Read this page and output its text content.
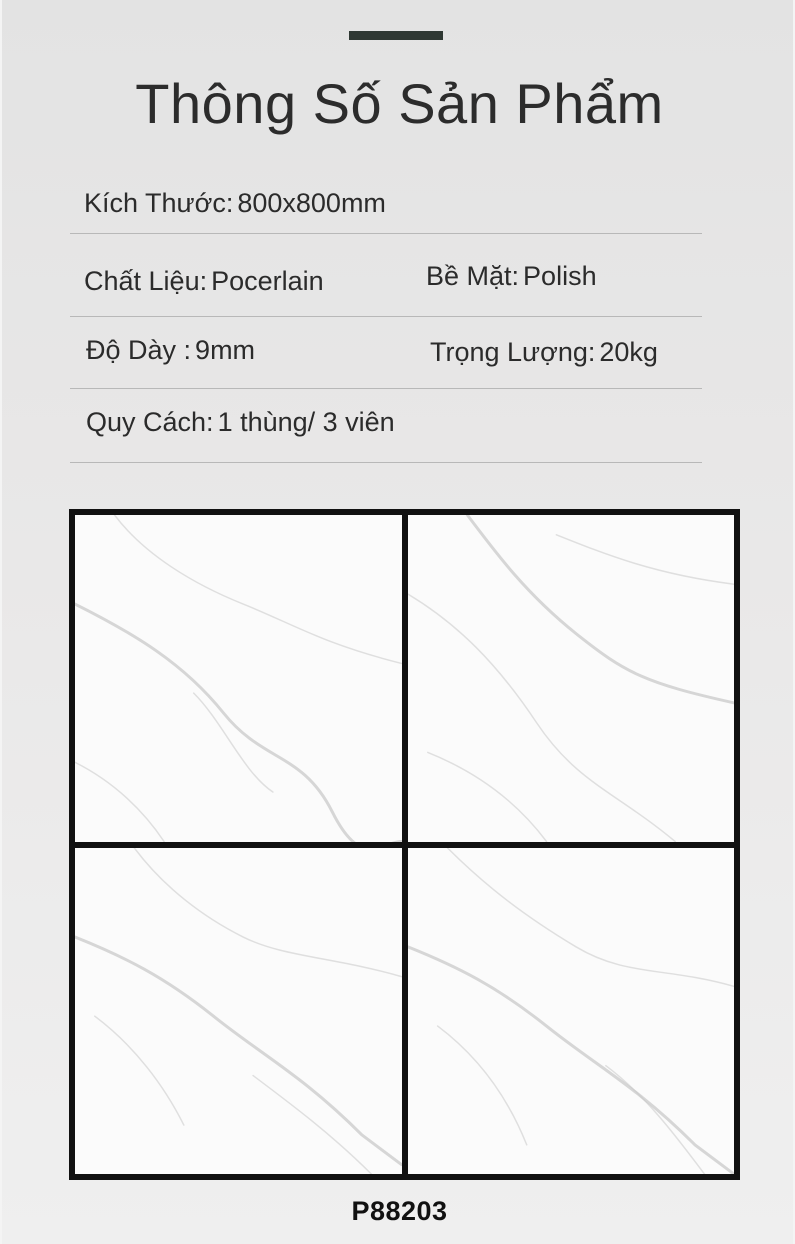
Thông Số Sản Phẩm
Kích Thước: 800x800mm
Chất Liệu: Pocerlain	Bề Mặt: Polish
Độ Dày : 9mm	Trọng Lượng: 20kg
Quy Cách: 1 thùng/ 3 viên
P88203
